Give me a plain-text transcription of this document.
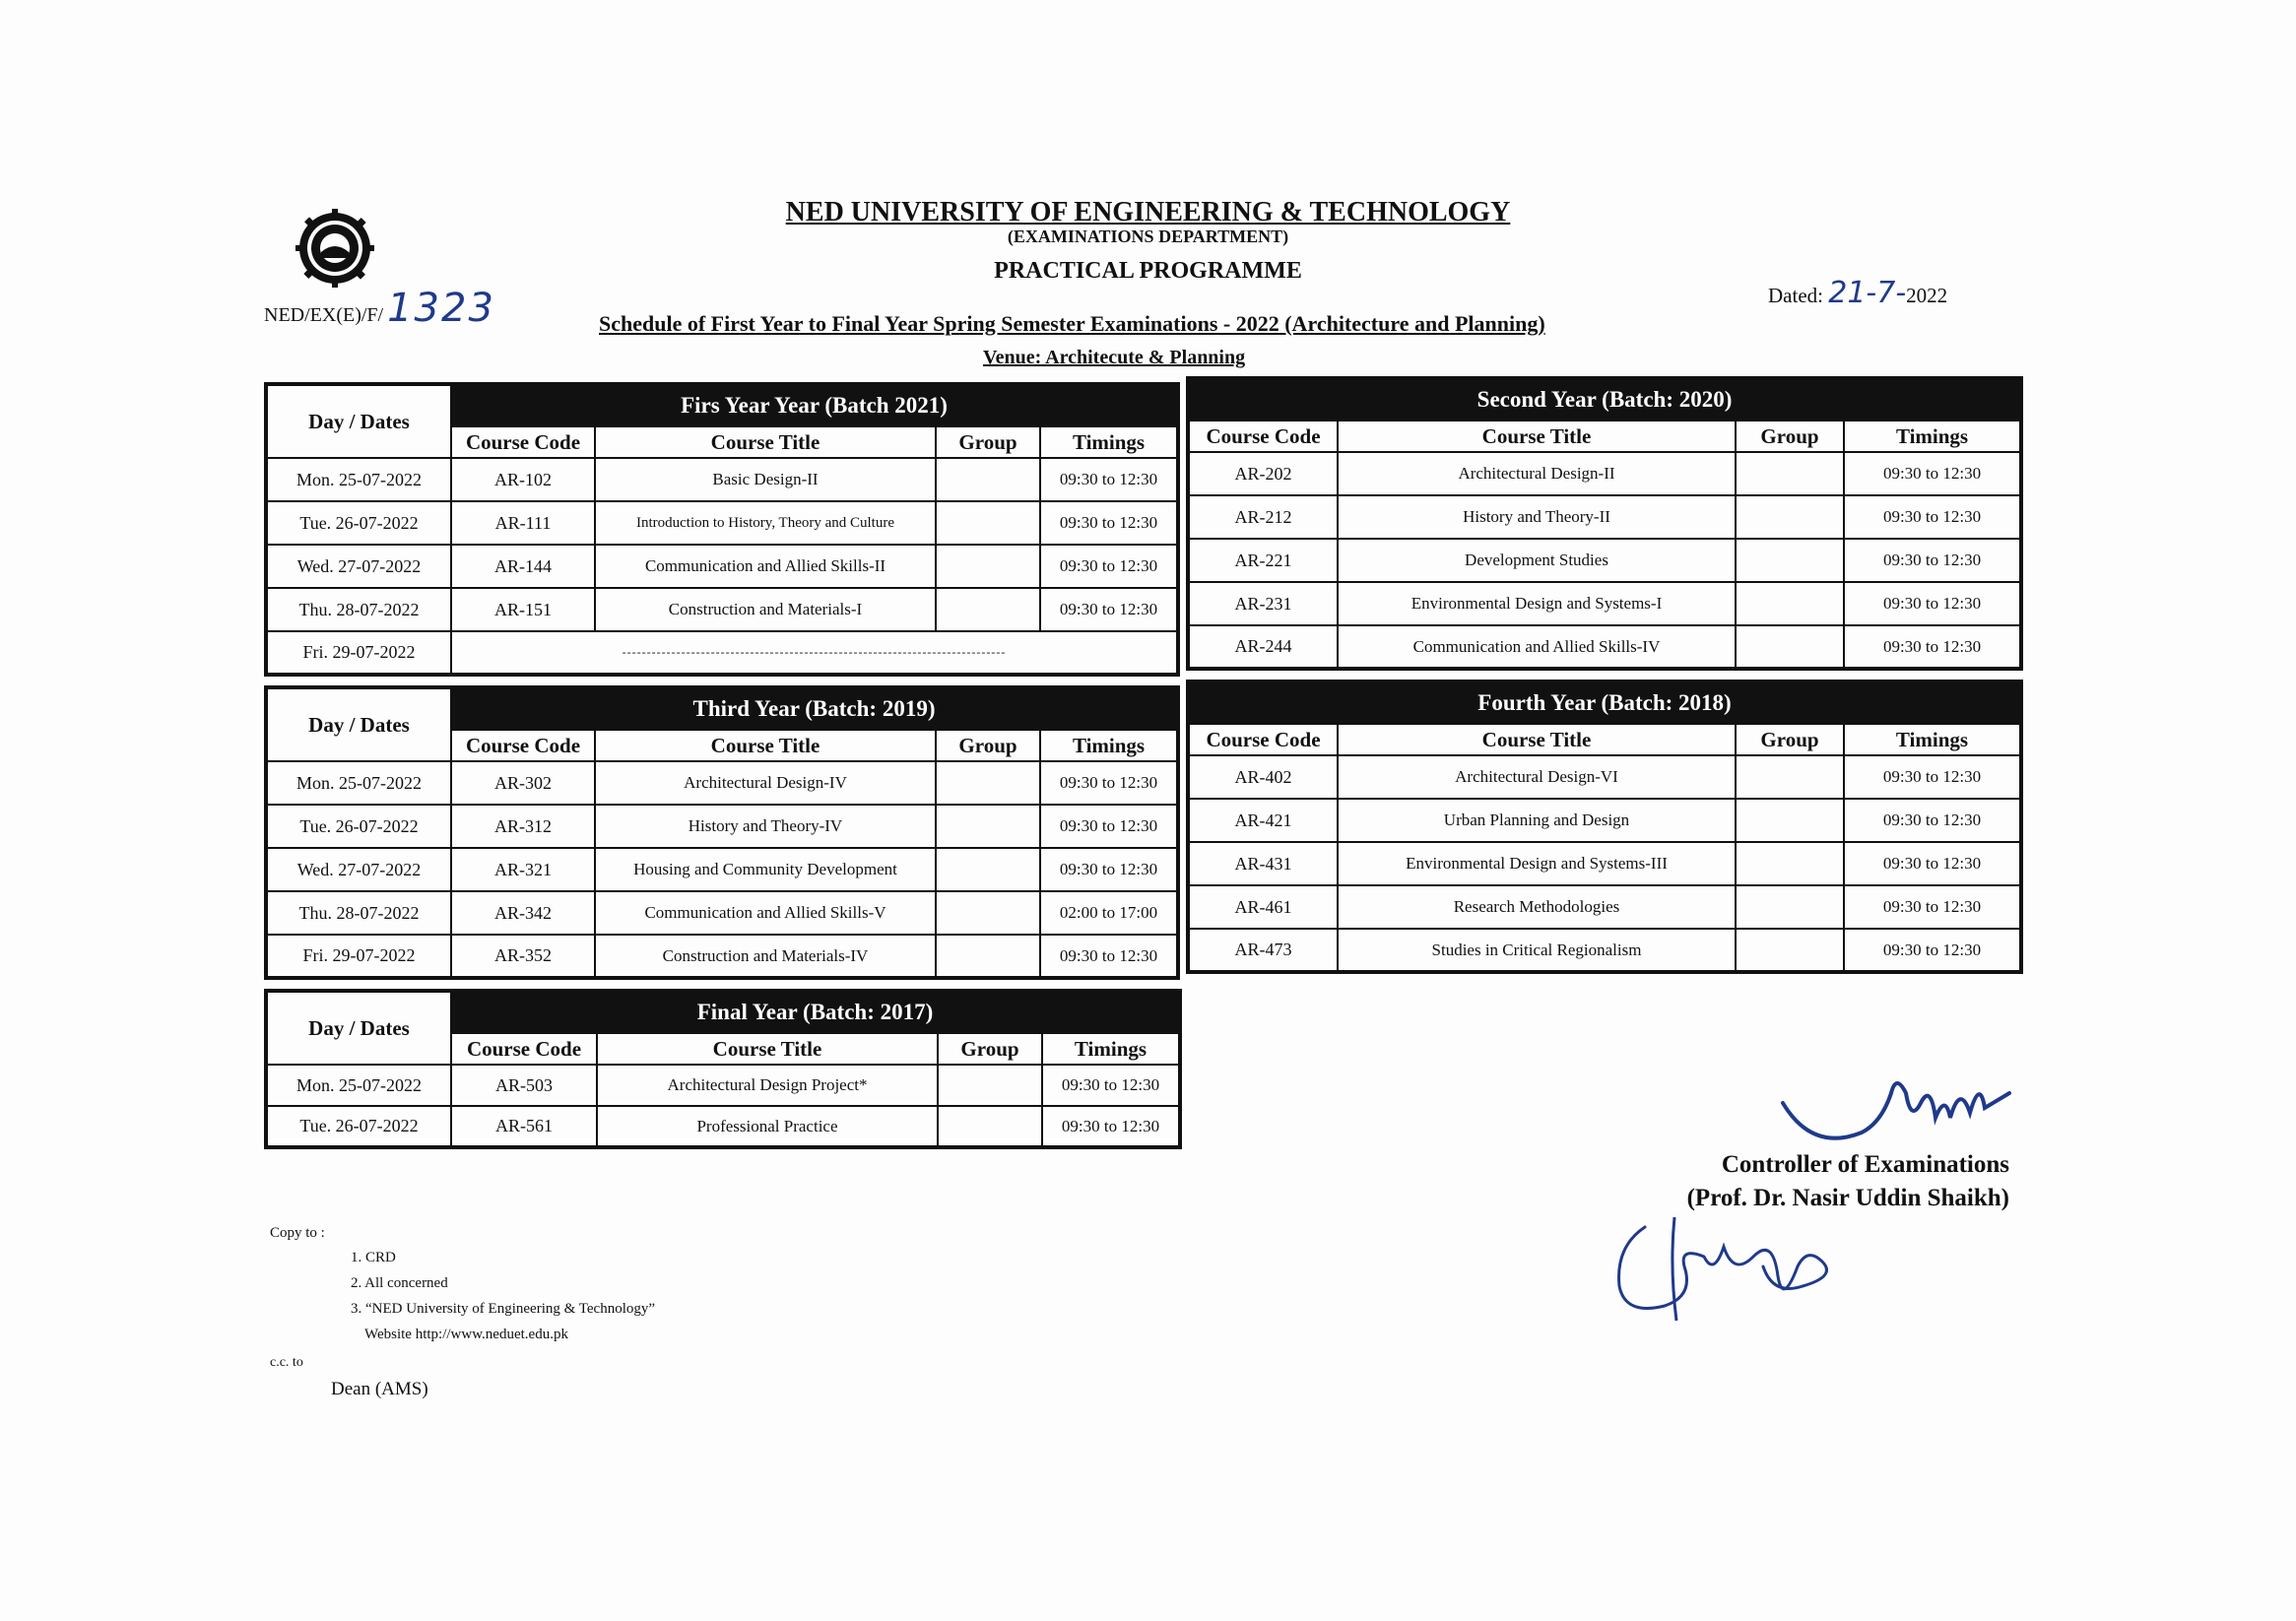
NED/EX(E)/F/ 1323
NED UNIVERSITY OF ENGINEERING & TECHNOLOGY
(EXAMINATIONS DEPARTMENT)
PRACTICAL PROGRAMME
Dated: 21-7-2022
Schedule of First Year to Final Year Spring Semester Examinations - 2022 (Architecture and Planning)
Venue: Architecute & Planning
Day / Dates	Firs Year Year (Batch 2021)			
	Course Code	Course Title	Group	Timings
Mon. 25-07-2022	AR-102	Basic Design-II		09:30 to 12:30
Tue. 26-07-2022	AR-111	Introduction to History, Theory and Culture		09:30 to 12:30
Wed. 27-07-2022	AR-144	Communication and Allied Skills-II		09:30 to 12:30
Thu. 28-07-2022	AR-151	Construction and Materials-I		09:30 to 12:30
Fri. 29-07-2022	------------------------------------------------------------------------------			
Second Year (Batch: 2020)			
Course Code	Course Title	Group	Timings
AR-202	Architectural Design-II		09:30 to 12:30
AR-212	History and Theory-II		09:30 to 12:30
AR-221	Development Studies		09:30 to 12:30
AR-231	Environmental Design and Systems-I		09:30 to 12:30
AR-244	Communication and Allied Skills-IV		09:30 to 12:30
Day / Dates	Third Year (Batch: 2019)			
	Course Code	Course Title	Group	Timings
Mon. 25-07-2022	AR-302	Architectural Design-IV		09:30 to 12:30
Tue. 26-07-2022	AR-312	History and Theory-IV		09:30 to 12:30
Wed. 27-07-2022	AR-321	Housing and Community Development		09:30 to 12:30
Thu. 28-07-2022	AR-342	Communication and Allied Skills-V		02:00 to 17:00
Fri. 29-07-2022	AR-352	Construction and Materials-IV		09:30 to 12:30
Fourth Year (Batch: 2018)			
Course Code	Course Title	Group	Timings
AR-402	Architectural Design-VI		09:30 to 12:30
AR-421	Urban Planning and Design		09:30 to 12:30
AR-431	Environmental Design and Systems-III		09:30 to 12:30
AR-461	Research Methodologies		09:30 to 12:30
AR-473	Studies in Critical Regionalism		09:30 to 12:30
Day / Dates	Final Year (Batch: 2017)			
	Course Code	Course Title	Group	Timings
Mon. 25-07-2022	AR-503	Architectural Design Project*		09:30 to 12:30
Tue. 26-07-2022	AR-561	Professional Practice		09:30 to 12:30
Copy to :
1. CRD
2. All concerned
3. “NED University of Engineering & Technology”
Website http://www.neduet.edu.pk
c.c. to
Dean (AMS)
Controller of Examinations
(Prof. Dr. Nasir Uddin Shaikh)
